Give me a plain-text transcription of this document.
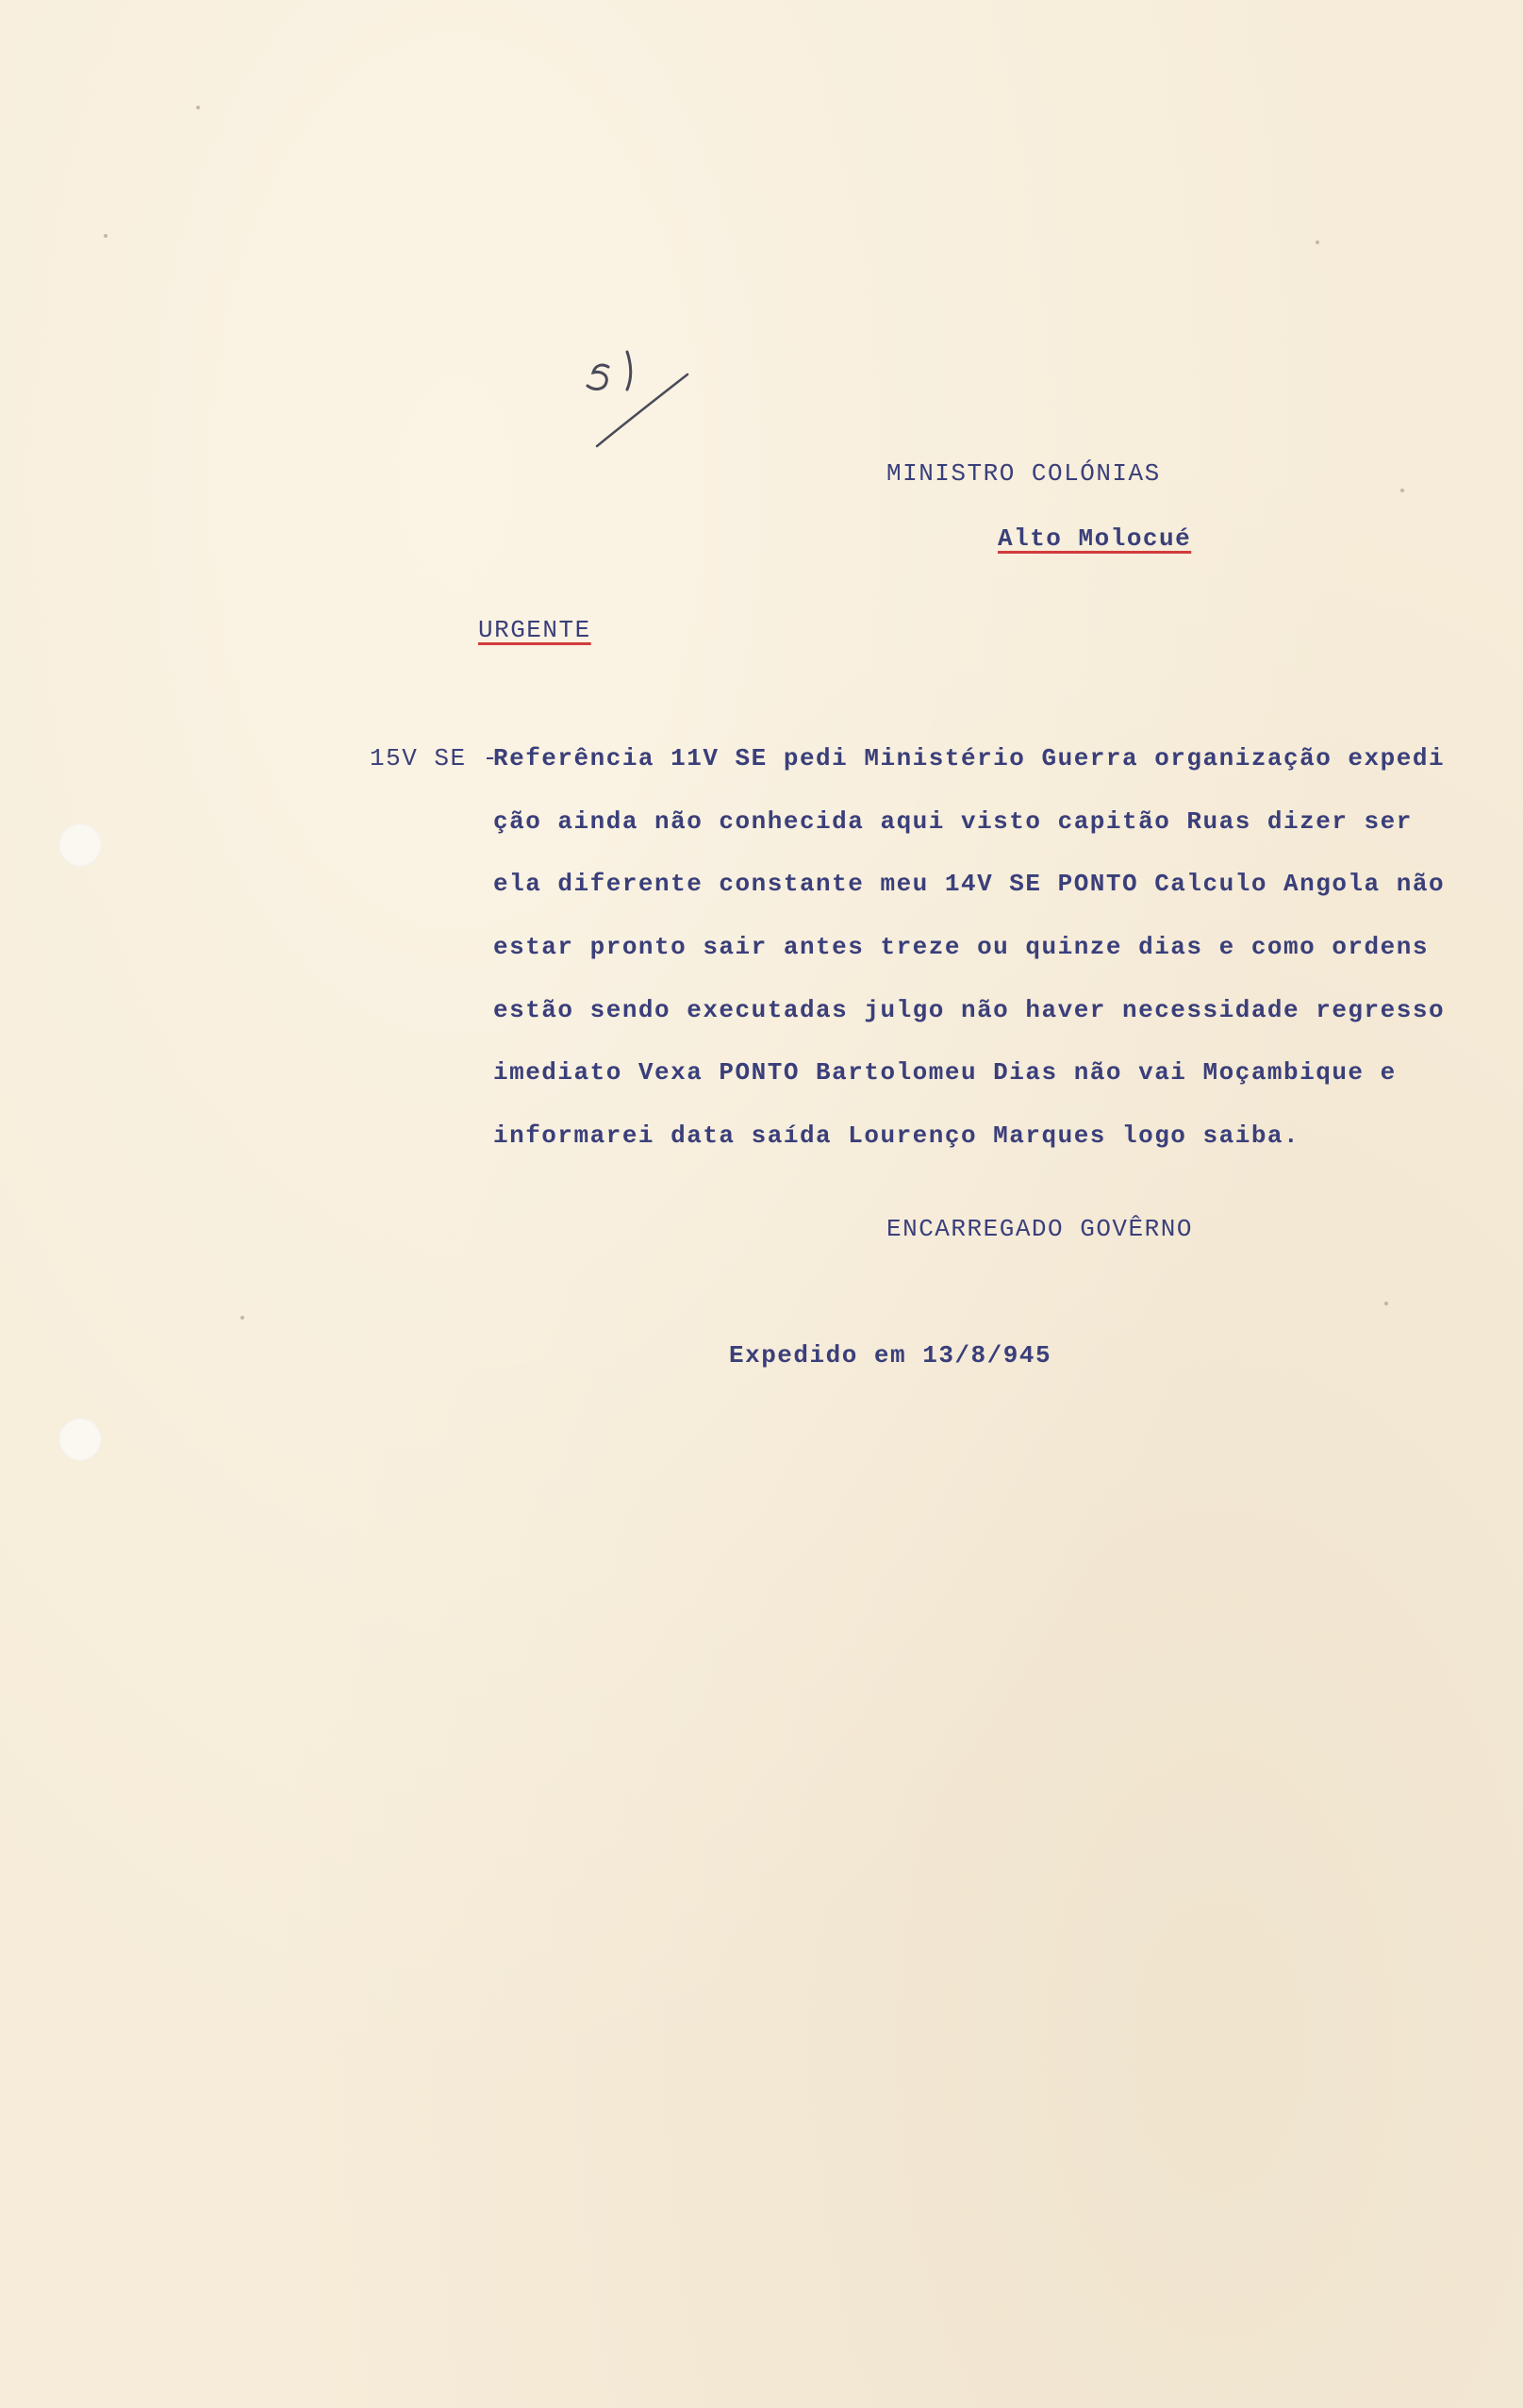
MINISTRO COLÓNIAS
Alto Molocué
URGENTE
15V SE -
Referência 11V SE pedi Ministério Guerra organização expedi
ção ainda não conhecida aqui visto capitão Ruas dizer ser
ela diferente constante meu 14V SE PONTO Calculo Angola não
estar pronto sair antes treze ou quinze dias e como ordens
estão sendo executadas julgo não haver necessidade regresso
imediato Vexa PONTO Bartolomeu Dias não vai Moçambique e
informarei data saída Lourenço Marques logo saiba.
ENCARREGADO GOVÊRNO
Expedido em 13/8/945
